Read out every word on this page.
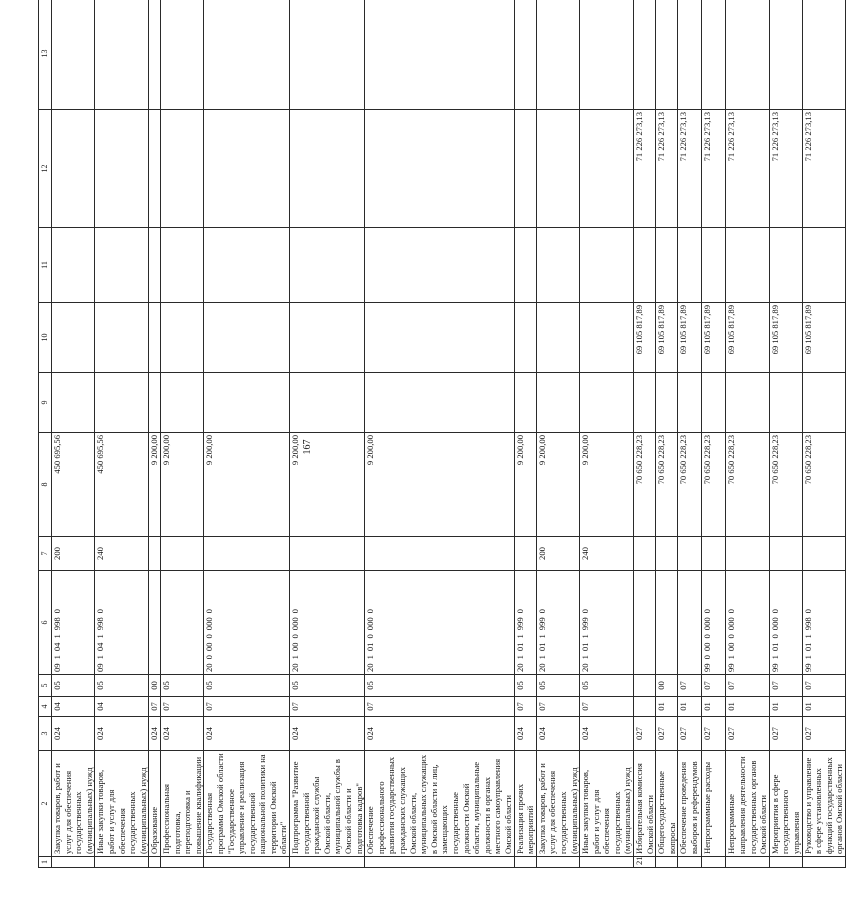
167
1	2	3	4	5	6	7	8	9	10	11	12	13
	Закупка товаров, работ и услуг для обеспечения государственных (муниципальных) нужд	024	04	05	0910419980	200	450 695,56					
	Иные закупки товаров, работ и услуг для обеспечения государственных (муниципальных) нужд	024	04	05	0910419980	240	450 695,56					
	Образование	024	07	00			9 200,00					
	Профессиональная подготовка, переподготовка и повышение квалификации	024	07	05			9 200,00					
	Государственная программа Омской области "Государственное управление и реализация государственной национальной политики на территории Омской области"	024	07	05	2000000000		9 200,00					
	Подпрограмма "Развитие государственной гражданской службы Омской области, муниципальной службы в Омской области и подготовка кадров"	024	07	05	2010000000		9 200,00					
	Обеспечение профессионального развития государственных гражданских служащих Омской области, муниципальных служащих в Омской области и лиц, замещающих государственные должности Омской области, муниципальные должности в органах местного самоуправления Омской области	024	07	05	2010100000		9 200,00					
	Реализация прочих мероприятий	024	07	05	2010119990		9 200,00					
	Закупка товаров, работ и услуг для обеспечения государственных (муниципальных) нужд	024	07	05	2010119990	200	9 200,00					
	Иные закупки товаров, работ и услуг для обеспечения государственных (муниципальных) нужд	024	07	05	2010119990	240	9 200,00					
21	Избирательная комиссия Омской области	027					70 650 228,23		69 105 817,89		71 226 273,13	
	Общегосударственные вопросы	027	01	00			70 650 228,23		69 105 817,89		71 226 273,13	
	Обеспечение проведения выборов и референдумов	027	01	07			70 650 228,23		69 105 817,89		71 226 273,13	
	Непрограммные расходы	027	01	07	9900000000		70 650 228,23		69 105 817,89		71 226 273,13	
	Непрограммные направления деятельности государственных органов Омской области	027	01	07	9910000000		70 650 228,23		69 105 817,89		71 226 273,13	
	Мероприятия в сфере государственного управления	027	01	07	9910100000		70 650 228,23		69 105 817,89		71 226 273,13	
	Руководство и управление в сфере установленных функций государственных органов Омской области	027	01	07	9910119980		70 650 228,23		69 105 817,89		71 226 273,13	
